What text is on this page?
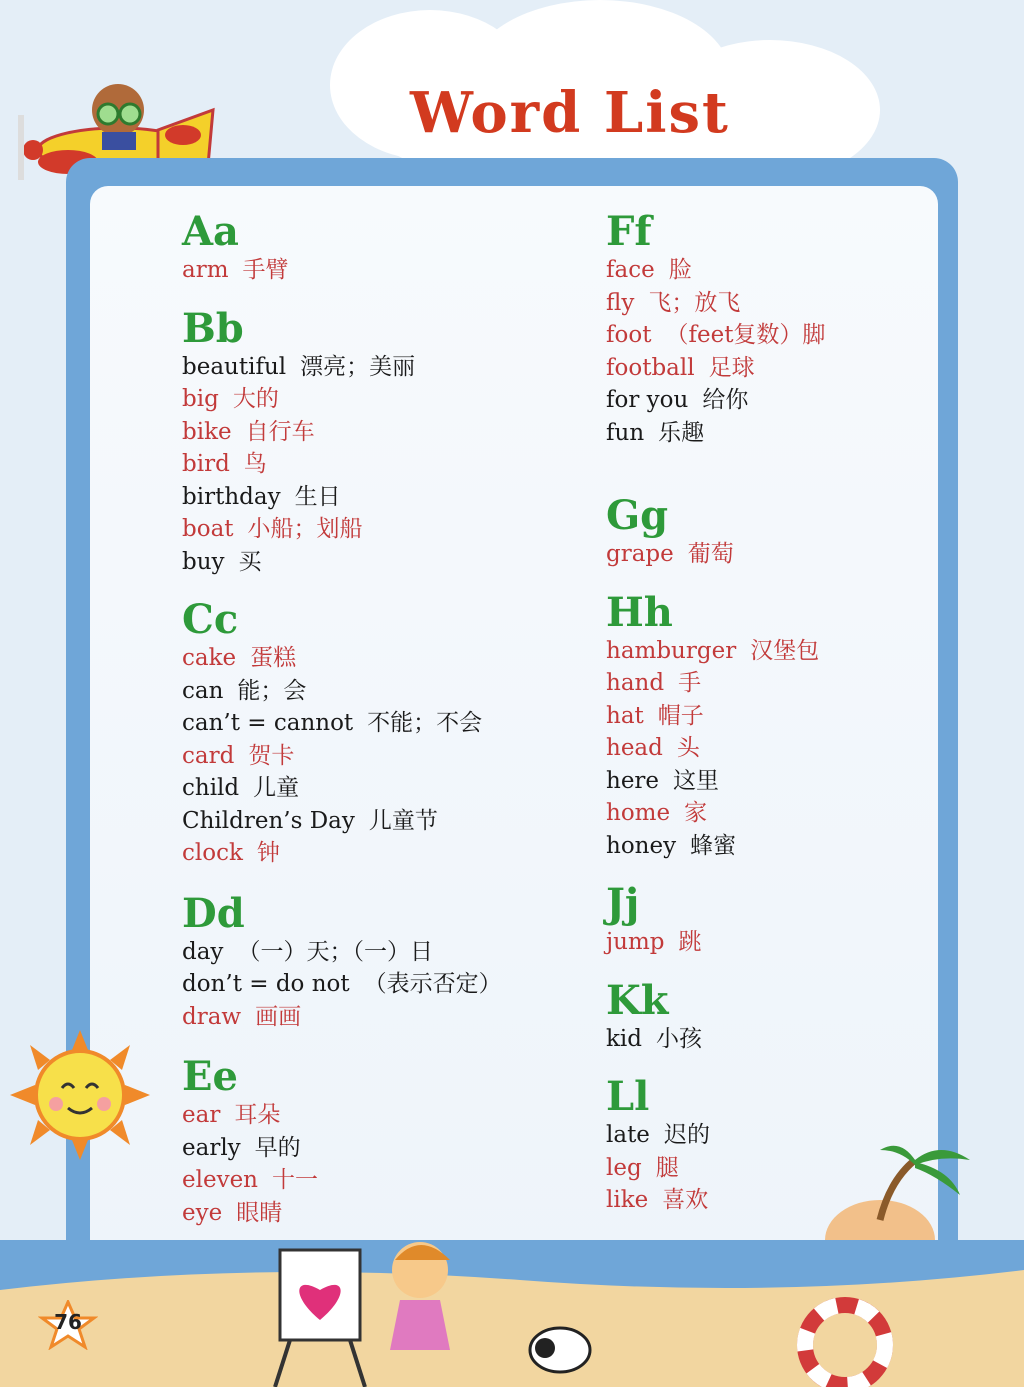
Word List
Aa
arm 手臂
Bb
beautiful 漂亮；美丽
big 大的
bike 自行车
bird 鸟
birthday 生日
boat 小船；划船
buy 买
Cc
cake 蛋糕
can 能；会
can’t = cannot 不能；不会
card 贺卡
child 儿童
Children’s Day 儿童节
clock 钟
Dd
day （一）天；（一）日
don’t = do not （表示否定）
draw 画画
Ee
ear 耳朵
early 早的
eleven 十一
eye 眼睛
Ff
face 脸
fly 飞；放飞
foot （feet复数）脚
football 足球
for you 给你
fun 乐趣
Gg
grape 葡萄
Hh
hamburger 汉堡包
hand 手
hat 帽子
head 头
here 这里
home 家
honey 蜂蜜
Jj
jump 跳
Kk
kid 小孩
Ll
late 迟的
leg 腿
like 喜欢
76
